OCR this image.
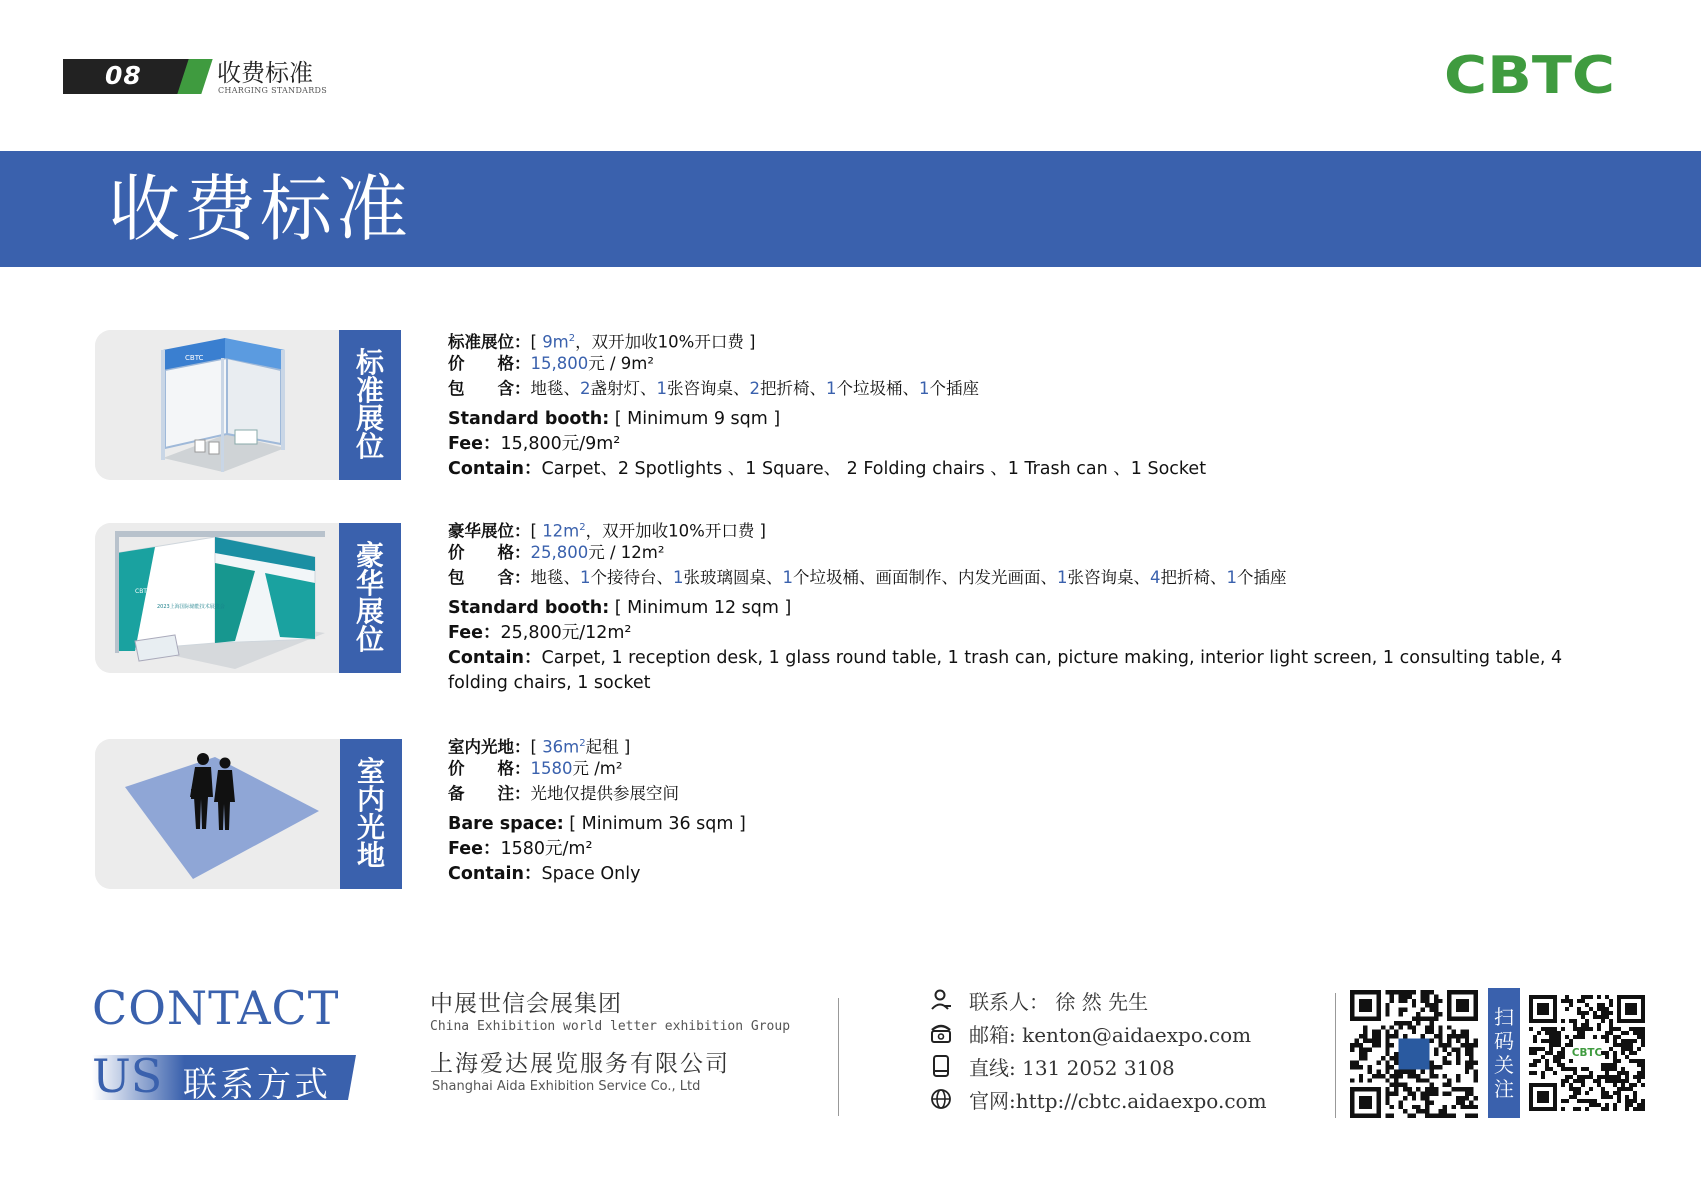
08	收费标准
CHARGING STANDARDS	CBTC
收费标准
CBTC	标
准
展
位
标准展位：[ $9m^2$，双开加收10%开口费 ]
价　　格：15,800元 / 9m²
包　　含：地毯、2盏射灯、1张咨询桌、2把折椅、1个垃圾桶、1个插座
Standard booth: [ Minimum 9 sqm ]
Fee：15,800元/9m²
Contain：Carpet、2 Spotlights 、1 Square、 2 Folding chairs 、1 Trash can 、1 Socket
CBTC
2023上海国际储能技术展览会
豪
华
展
位
豪华展位：[ $12m^2$，双开加收10%开口费 ]
价　　格：25,800元 / 12m²
包　　含：地毯、1个接待台、1张玻璃圆桌、1个垃圾桶、画面制作、内发光画面、1张咨询桌、4把折椅、1个插座
Standard booth: [ Minimum 12 sqm ]
Fee：25,800元/12m²
Contain：Carpet, 1 reception desk, 1 glass round table, 1 trash can, picture making, interior light screen, 1 consulting table, 4 folding chairs, 1 socket
室
内
光
地
室内光地：[ $36m^2$起租 ]
价　　格：1580元 /m²
备　　注：光地仅提供参展空间
Bare space: [ Minimum 36 sqm ]
Fee：1580元/m²
Contain：Space Only
CONTACT
US 联系方式
中展世信会展集团
China Exhibition world letter exhibition Group
上海爱达展览服务有限公司
Shanghai Aida Exhibition Service Co., Ltd
联系人： 徐 然 先生
邮箱: kenton@aidaexpo.com
直线: 131 2052 3108
官网:http://cbtc.aidaexpo.com
扫
码
关
注
CBTC
